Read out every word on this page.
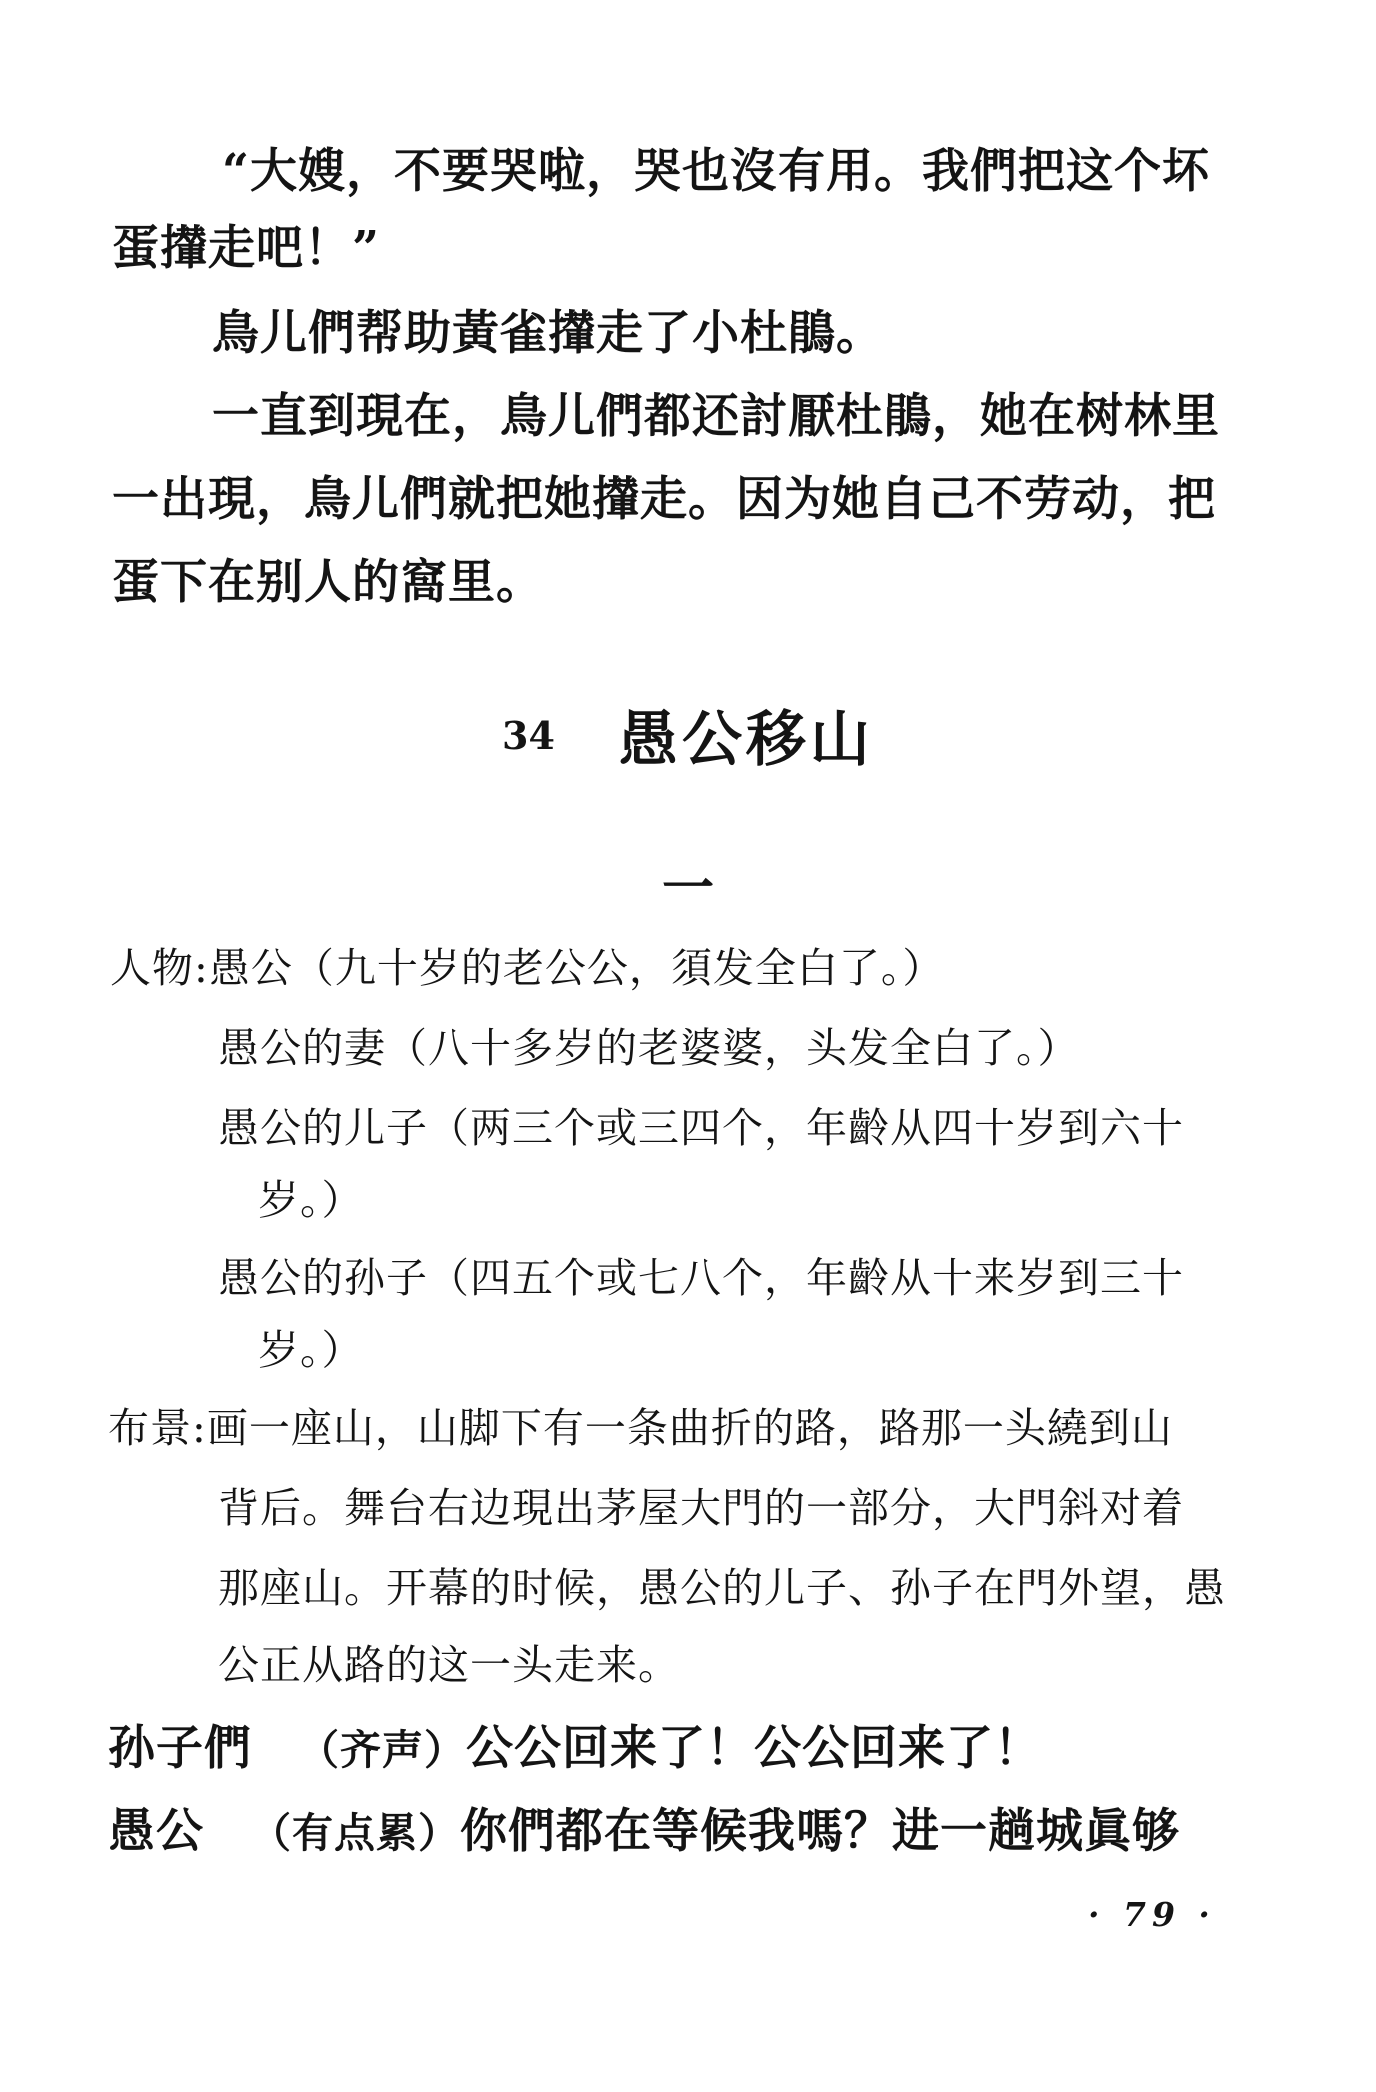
“大嫂，不要哭啦，哭也沒有用。我們把这个坏
蛋攆走吧！”
鳥儿們帮助黃雀攆走了小杜鵑。
一直到現在，鳥儿們都还討厭杜鵑，她在树林里
一出現，鳥儿們就把她攆走。因为她自己不劳动，把
蛋下在别人的窩里。
34 愚公移山
一
人物:愚公（九十岁的老公公，須发全白了。）
愚公的妻（八十多岁的老婆婆，头发全白了。）
愚公的儿子（两三个或三四个，年齡从四十岁到六十
岁。）
愚公的孙子（四五个或七八个，年齡从十来岁到三十
岁。）
布景:画一座山，山脚下有一条曲折的路，路那一头繞到山
背后。舞台右边現出茅屋大門的一部分，大門斜对着
那座山。开幕的时候，愚公的儿子、孙子在門外望，愚
公正从路的这一头走来。
孙子們 （齐声）公公回来了！公公回来了！
愚公 （有点累）你們都在等候我嗎？进一趟城眞够
· 79 ·
